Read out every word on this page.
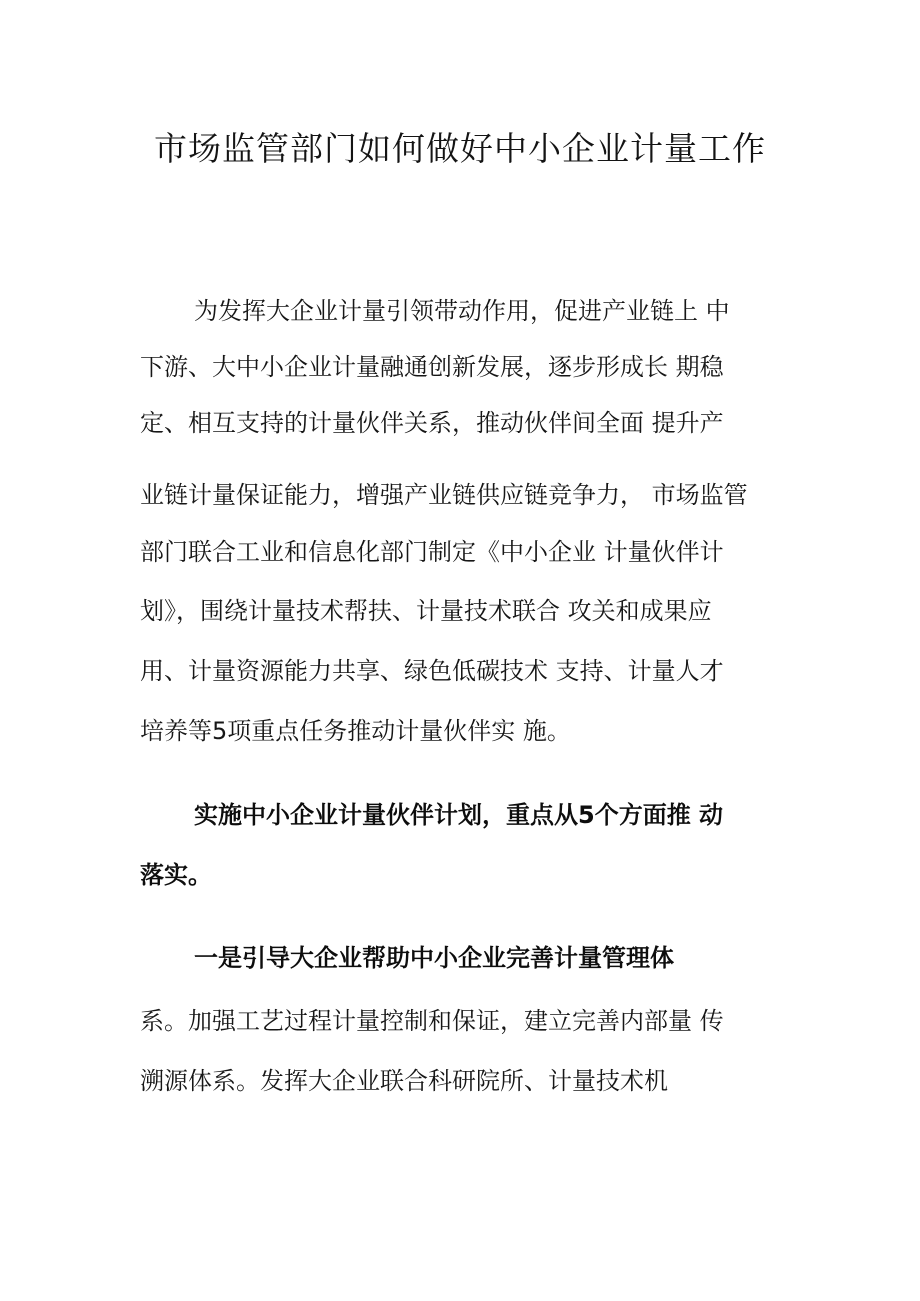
市场监管部门如何做好中小企业计量工作
为发挥大企业计量引领带动作用，促进产业链上 中
下游、大中小企业计量融通创新发展，逐步形成长 期稳
定、相互支持的计量伙伴关系，推动伙伴间全面 提升产
业链计量保证能力，增强产业链供应链竞争力， 市场监管
部门联合工业和信息化部门制定《中小企业 计量伙伴计
划》，围绕计量技术帮扶、计量技术联合 攻关和成果应
用、计量资源能力共享、绿色低碳技术 支持、计量人才
培养等5项重点任务推动计量伙伴实 施。
实施中小企业计量伙伴计划，重点从5个方面推 动
落实。
一是引导大企业帮助中小企业完善计量管理体
系。加强工艺过程计量控制和保证，建立完善内部量 传
溯源体系。发挥大企业联合科研院所、计量技术机
